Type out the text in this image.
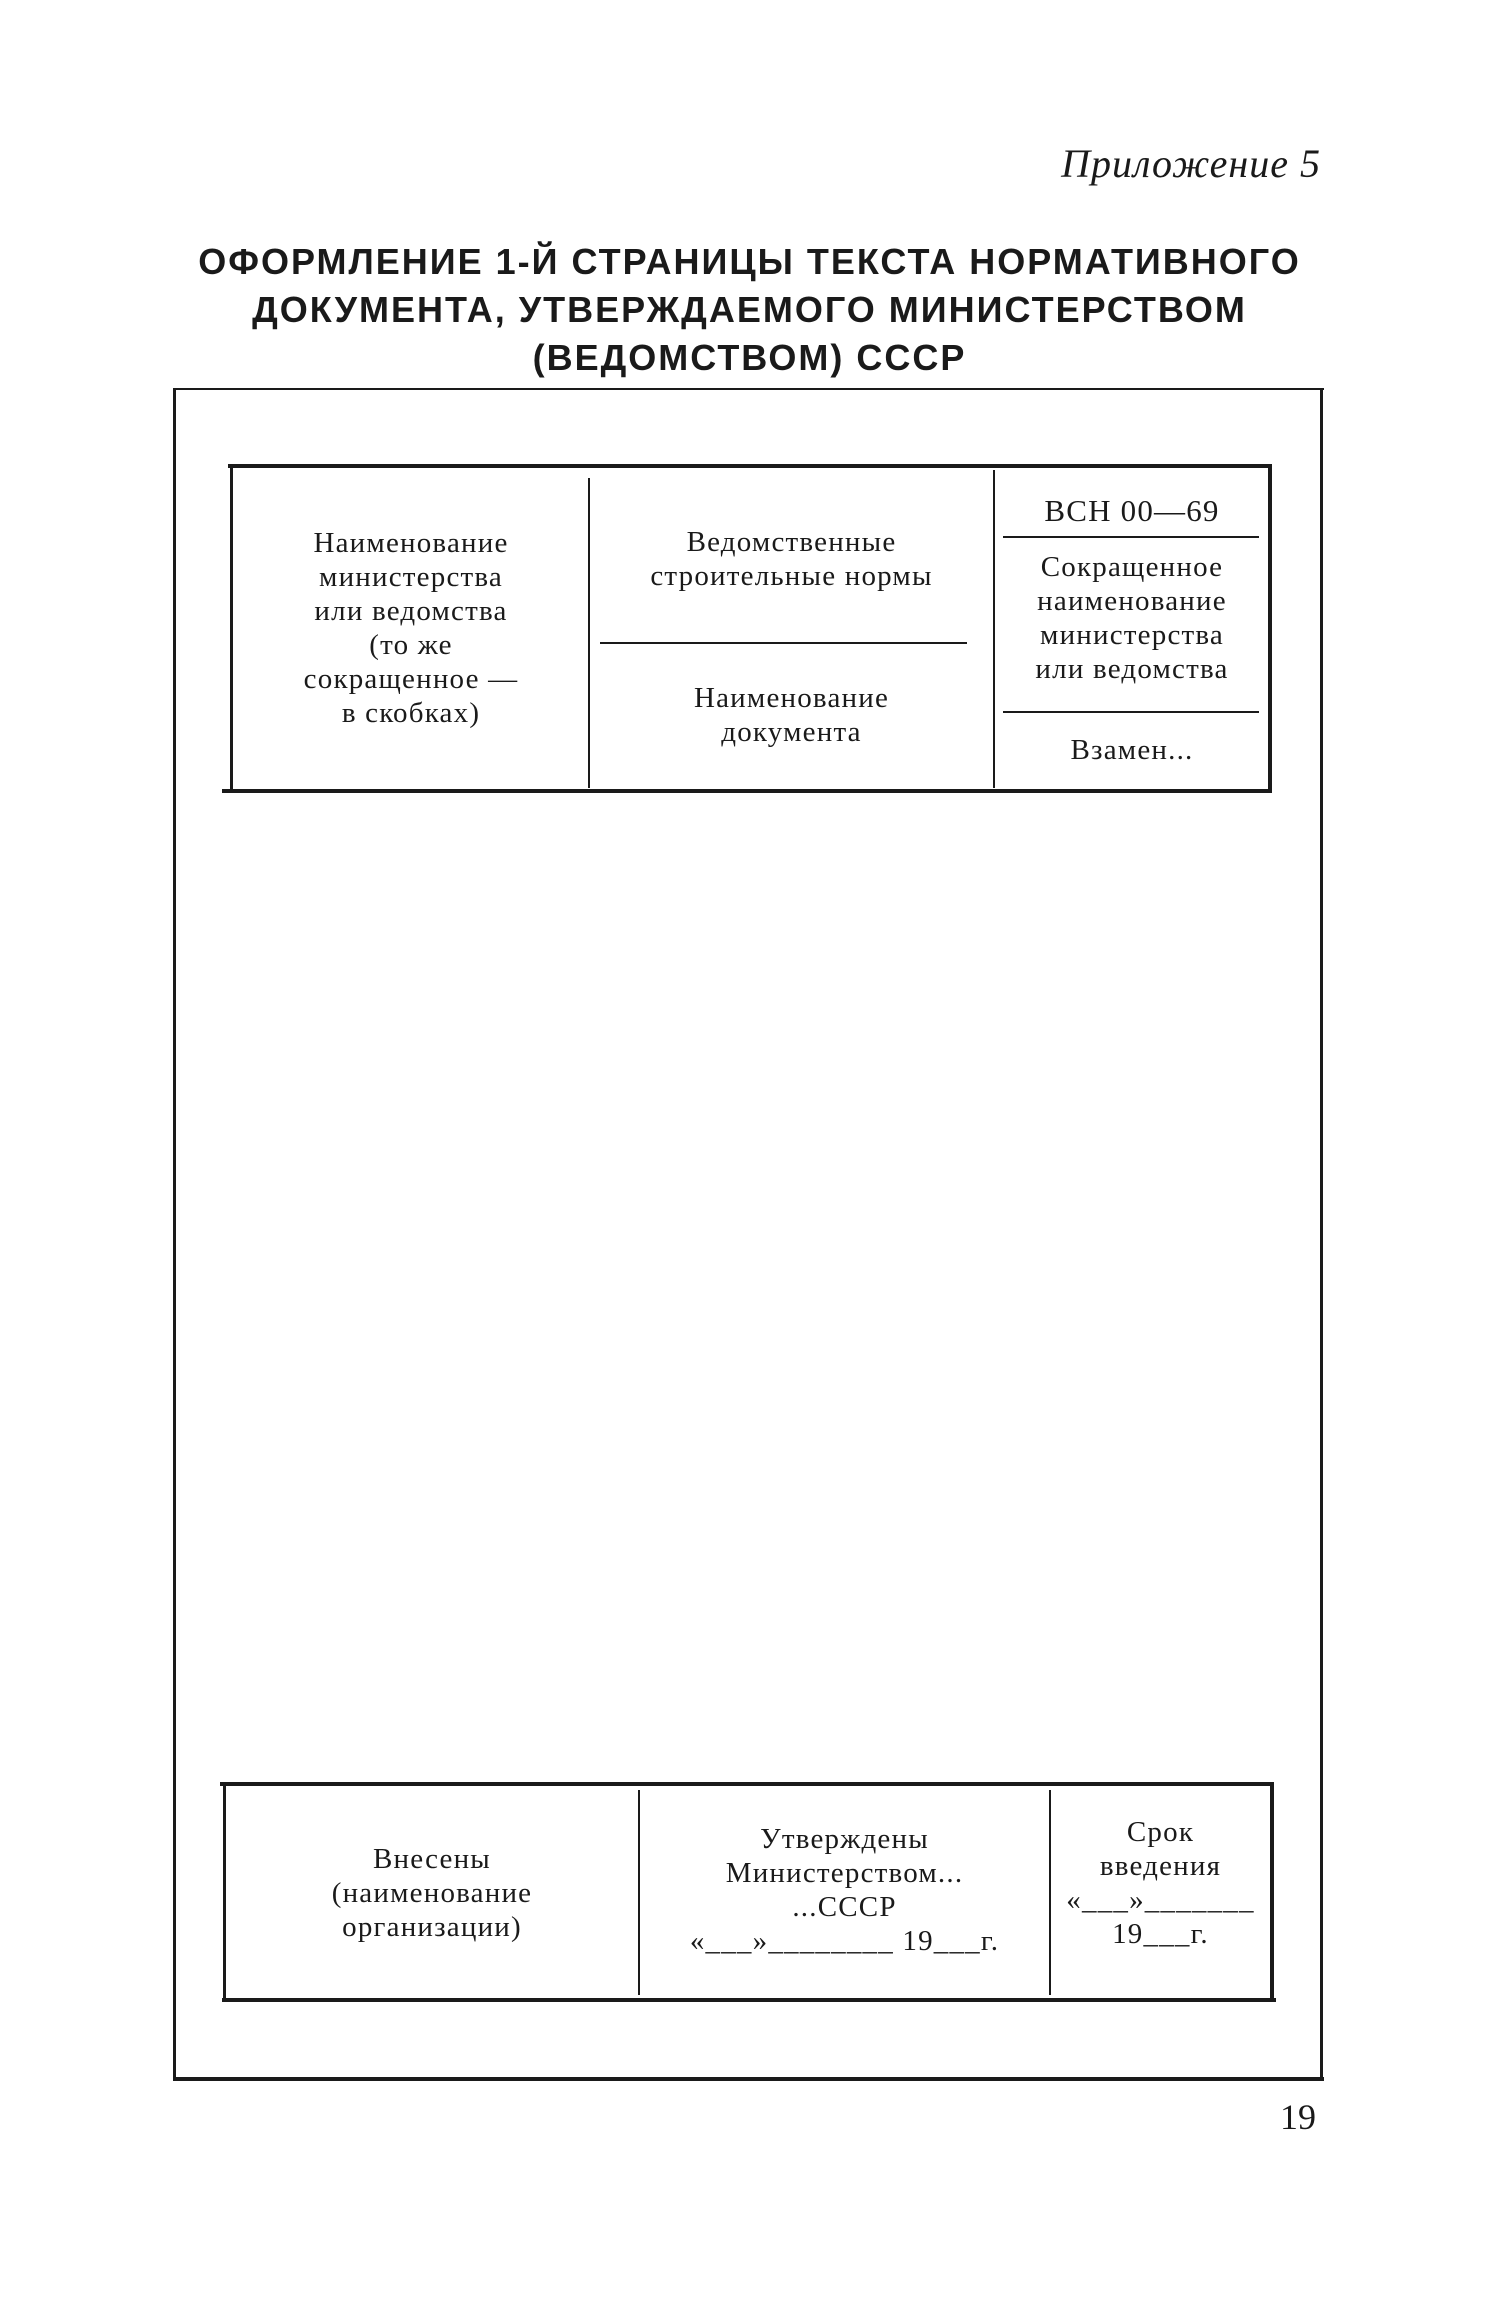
Приложение 5
ОФОРМЛЕНИЕ 1-Й СТРАНИЦЫ ТЕКСТА НОРМАТИВНОГО
ДОКУМЕНТА, УТВЕРЖДАЕМОГО МИНИСТЕРСТВОМ
(ВЕДОМСТВОМ) СССР
Наименование
министерства
или ведомства
(то же
сокращенное —
в скобках)
Ведомственные
строительные нормы
Наименование
документа
ВСН 00—69
Сокращенное
наименование
министерства
или ведомства
Взамен...
Внесены
(наименование
организации)
Утверждены
Министерством...
...СССР
«___»________ 19___г.
Срок
введения
«___»_______
19___г.
19
